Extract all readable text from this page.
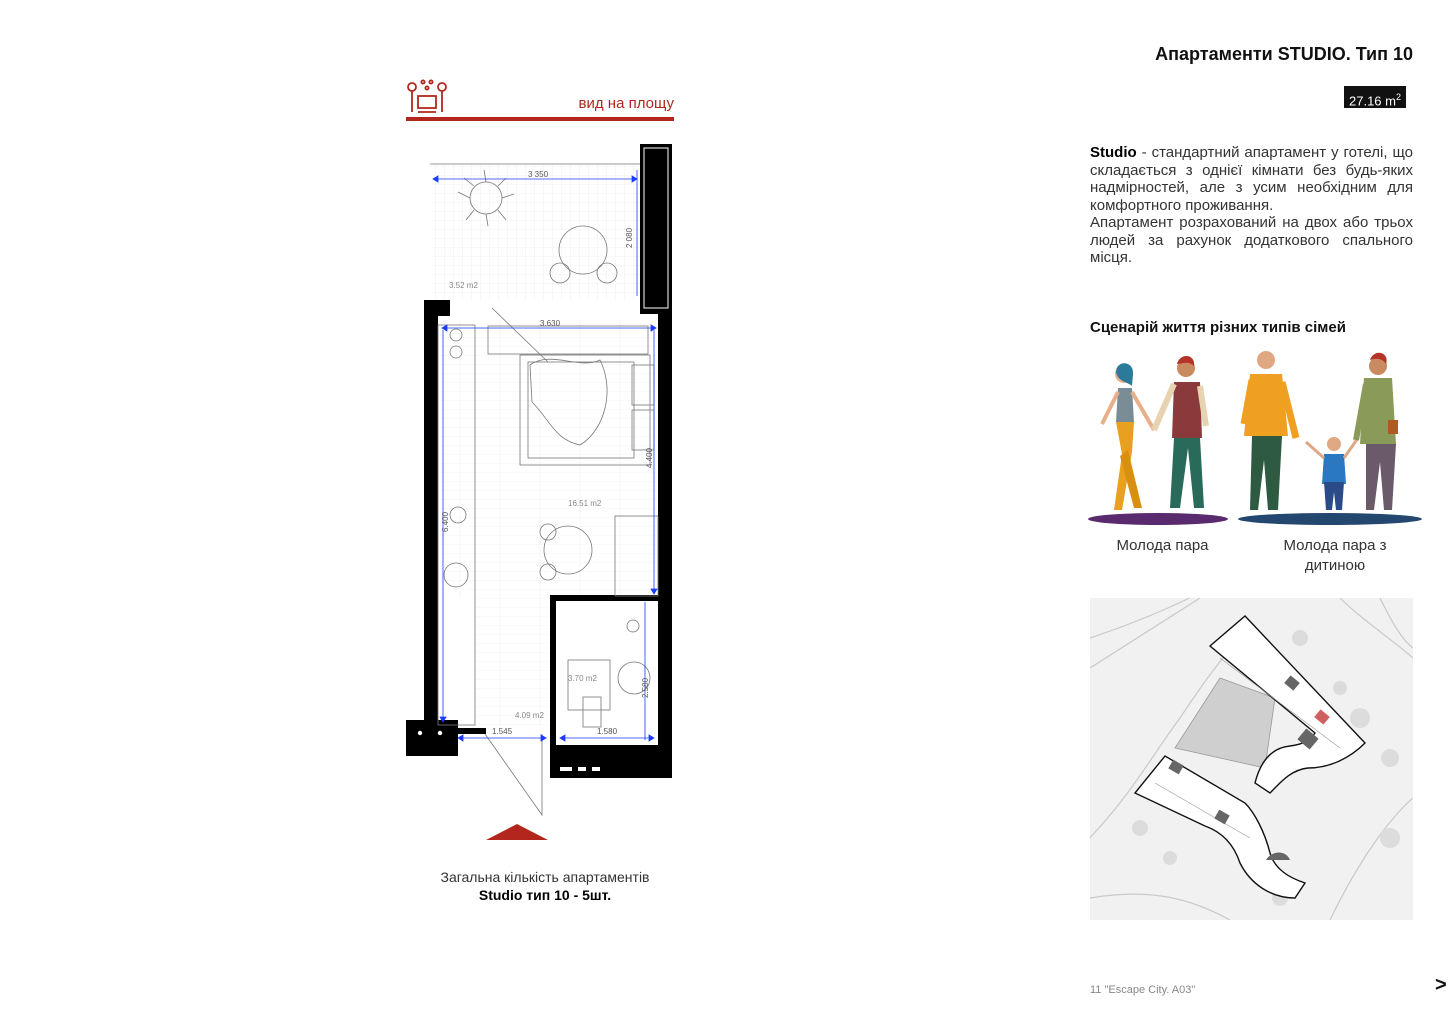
вид на площу
3 350
2 080
3.630
4.400
6.400
2.580
1.545	1.580
3.52 m2
16.51 m2
3.70 m2
4.09 m2
Загальна кількість апартаментів
Studio тип 10 - 5шт.
Апартаменти STUDIO. Тип 10
27.16 $m^2$
Studio - стандартний апартамент у готелі, що складається з однієї кімнати без будь-яких надмірностей, але з усим необхідним для комфортного проживання.
Апартамент розрахований на двох або трьох людей за рахунок додаткового спального місця.
Сценарій життя різних типів сімей
Молода пара	Молода пара з дитиною
11 "Escape City. A03"	>
